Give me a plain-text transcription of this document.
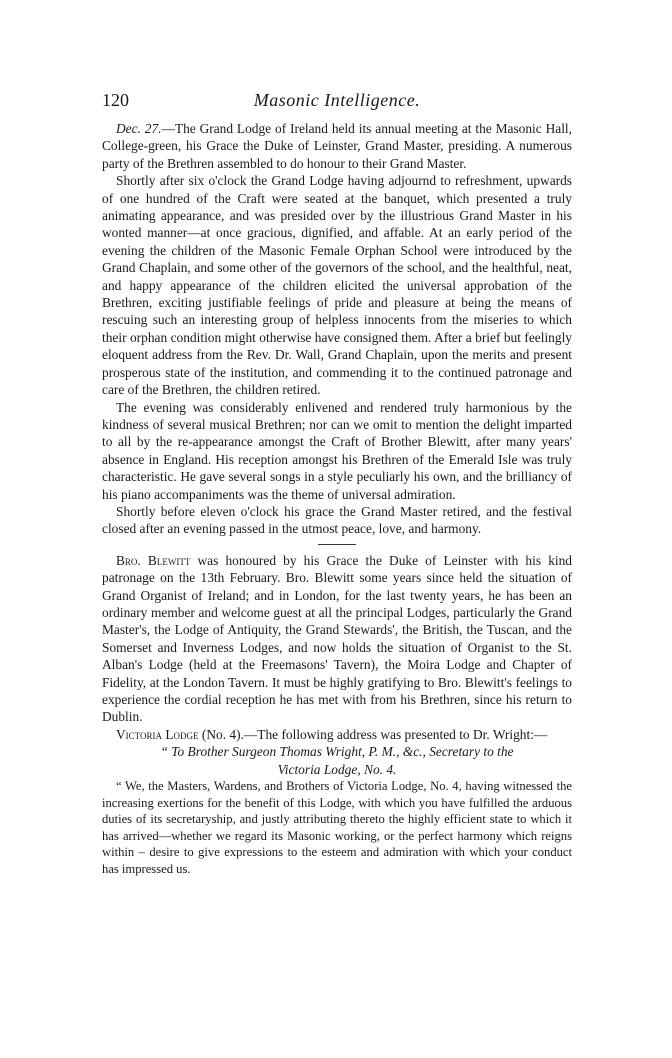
120	Masonic Intelligence.

Dec. 27.—The Grand Lodge of Ireland held its annual meeting at the Masonic Hall, College-green, his Grace the Duke of Leinster, Grand Master, presiding. A numerous party of the Brethren assembled to do honour to their Grand Master.

Shortly after six o'clock the Grand Lodge having adjournd to refreshment, upwards of one hundred of the Craft were seated at the banquet, which presented a truly animating appearance, and was presided over by the illustrious Grand Master in his wonted manner—at once gracious, dignified, and affable. At an early period of the evening the children of the Masonic Female Orphan School were introduced by the Grand Chaplain, and some other of the governors of the school, and the healthful, neat, and happy appearance of the children elicited the universal approbation of the Brethren, exciting justifiable feelings of pride and pleasure at being the means of rescuing such an interesting group of helpless innocents from the miseries to which their orphan condition might otherwise have consigned them. After a brief but feelingly eloquent address from the Rev. Dr. Wall, Grand Chaplain, upon the merits and present prosperous state of the institution, and commending it to the continued patronage and care of the Brethren, the children retired.

The evening was considerably enlivened and rendered truly harmonious by the kindness of several musical Brethren; nor can we omit to mention the delight imparted to all by the re-appearance amongst the Craft of Brother Blewitt, after many years' absence in England. His reception amongst his Brethren of the Emerald Isle was truly characteristic. He gave several songs in a style peculiarly his own, and the brilliancy of his piano accompaniments was the theme of universal admiration.

Shortly before eleven o'clock his grace the Grand Master retired, and the festival closed after an evening passed in the utmost peace, love, and harmony.

Bro. Blewitt was honoured by his Grace the Duke of Leinster with his kind patronage on the 13th February. Bro. Blewitt some years since held the situation of Grand Organist of Ireland; and in London, for the last twenty years, he has been an ordinary member and welcome guest at all the principal Lodges, particularly the Grand Master's, the Lodge of Antiquity, the Grand Stewards', the British, the Tuscan, and the Somerset and Inverness Lodges, and now holds the situation of Organist to the St. Alban's Lodge (held at the Freemasons' Tavern), the Moira Lodge and Chapter of Fidelity, at the London Tavern. It must be highly gratifying to Bro. Blewitt's feelings to experience the cordial reception he has met with from his Brethren, since his return to Dublin.

Victoria Lodge (No. 4).—The following address was presented to Dr. Wright:—

“ To Brother Surgeon Thomas Wright, P. M., &c., Secretary to the
Victoria Lodge, No. 4.

“ We, the Masters, Wardens, and Brothers of Victoria Lodge, No. 4, having witnessed the increasing exertions for the benefit of this Lodge, with which you have fulfilled the arduous duties of its secretaryship, and justly attributing thereto the highly efficient state to which it has arrived—whether we regard its Masonic working, or the perfect harmony which reigns within – desire to give expressions to the esteem and admiration with which your conduct has impressed us.
